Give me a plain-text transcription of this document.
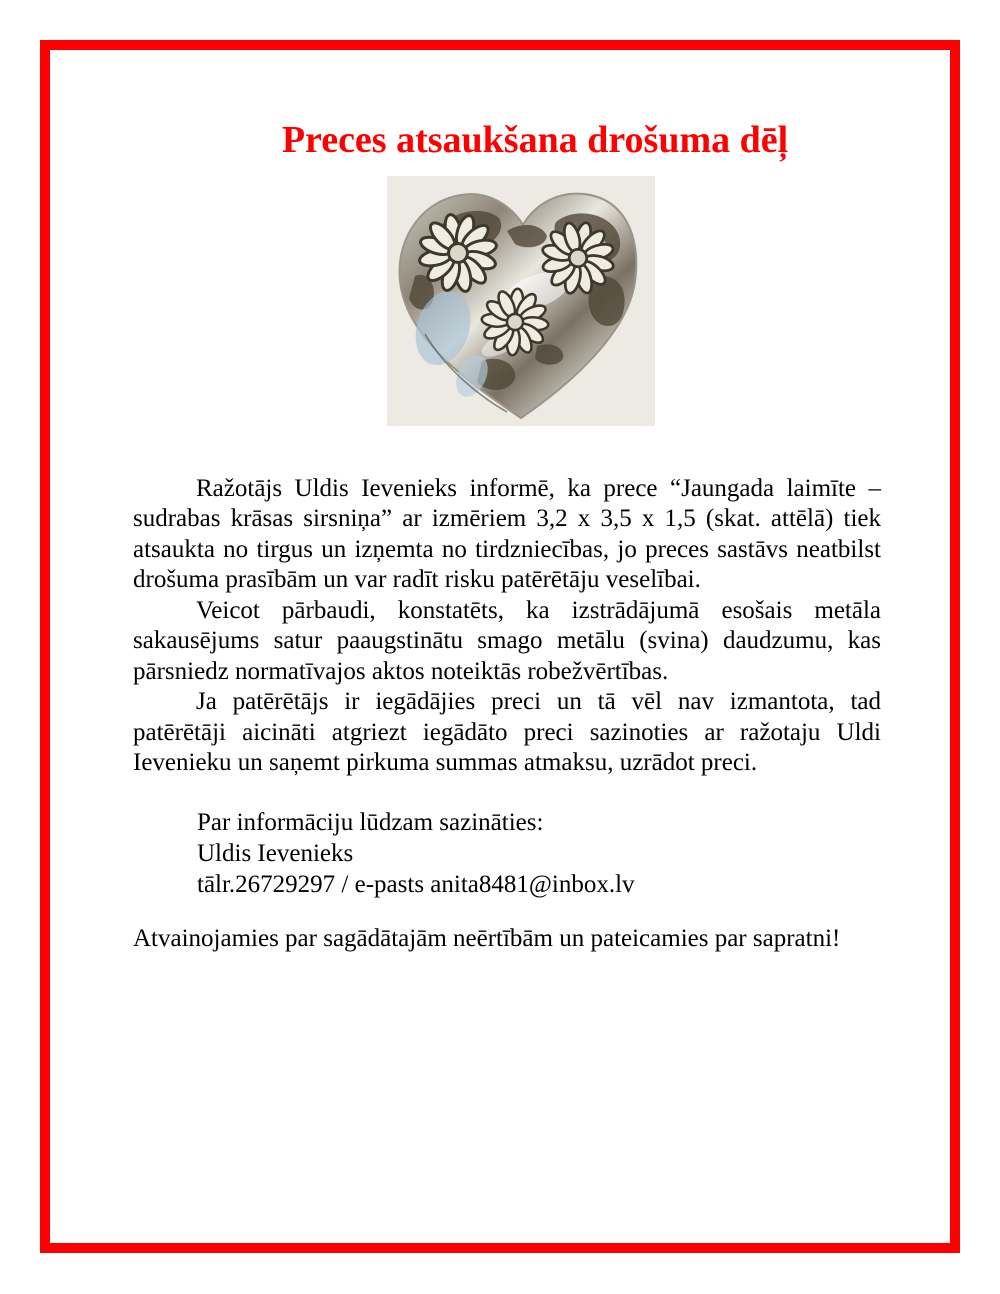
Preces atsaukšana drošuma dēļ

Ražotājs Uldis Ievenieks informē, ka prece “Jaungada laimīte – sudrabas krāsas sirsniņa” ar izmēriem 3,2 x 3,5 x 1,5 (skat. attēlā) tiek atsaukta no tirgus un izņemta no tirdzniecības, jo preces sastāvs neatbilst drošuma prasībām un var radīt risku patērētāju veselībai.

Veicot pārbaudi, konstatēts, ka izstrādājumā esošais metāla sakausējums satur paaugstinātu smago metālu (svina) daudzumu, kas pārsniedz normatīvajos aktos noteiktās robežvērtības.

Ja patērētājs ir iegādājies preci un tā vēl nav izmantota, tad patērētāji aicināti atgriezt iegādāto preci sazinoties ar ražotaju Uldi Ievenieku un saņemt pirkuma summas atmaksu, uzrādot preci.

Par informāciju lūdzam sazināties:
Uldis Ievenieks
tālr.26729297 / e-pasts anita8481@inbox.lv

Atvainojamies par sagādātajām neērtībām un pateicamies par sapratni!
